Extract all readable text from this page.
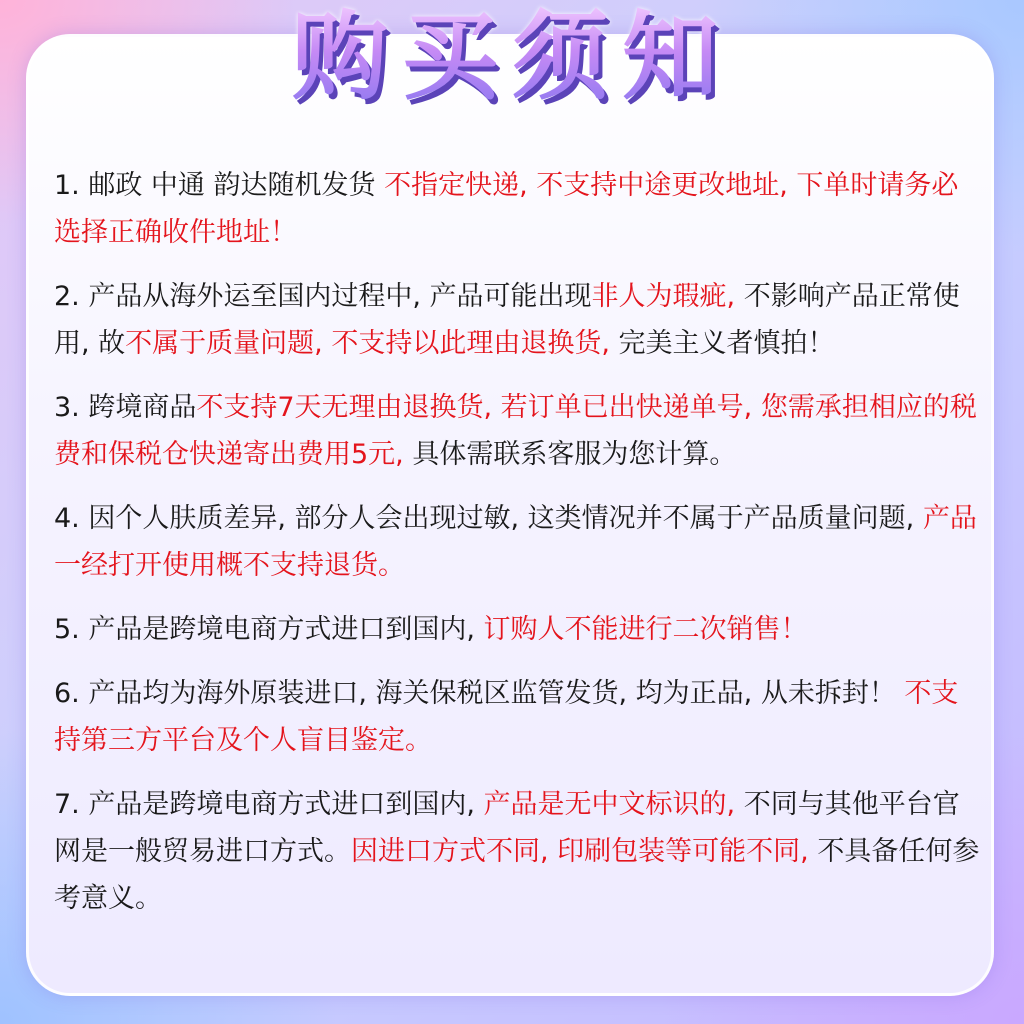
购买须知
1. 邮政 中通 韵达随机发货 不指定快递, 不支持中途更改地址, 下单时请务必选择正确收件地址！
2. 产品从海外运至国内过程中, 产品可能出现非人为瑕疵, 不影响产品正常使用, 故不属于质量问题, 不支持以此理由退换货, 完美主义者慎拍！
3. 跨境商品不支持7天无理由退换货, 若订单已出快递单号, 您需承担相应的税费和保税仓快递寄出费用5元, 具体需联系客服为您计算。
4. 因个人肤质差异, 部分人会出现过敏, 这类情况并不属于产品质量问题, 产品一经打开使用概不支持退货。
5. 产品是跨境电商方式进口到国内, 订购人不能进行二次销售！
6. 产品均为海外原装进口, 海关保税区监管发货, 均为正品, 从未拆封！ 不支持第三方平台及个人盲目鉴定。
7. 产品是跨境电商方式进口到国内, 产品是无中文标识的, 不同与其他平台官网是一般贸易进口方式。因进口方式不同, 印刷包装等可能不同, 不具备任何参考意义。
